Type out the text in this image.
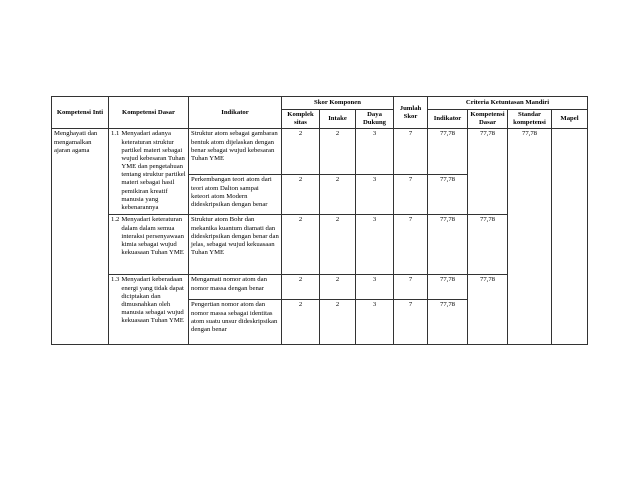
Kompetensi Inti	Kompetensi Dasar	Indikator	Skor Komponen			Jumlah Skor	Criteria Ketuntasan Mandiri			
			Komplek sitas	Intake	Daya Dukung		Indikator	Kompetensi Dasar	Standar kompetensi	Mapel
Menghayati dan mengamalkan ajaran agama	1.1 Menyadari adanya keteraturan struktur partikel materi sebagai wujud kebesaran Tuhan YME dan pengetahuan tentang struktur partikel materi sebagai hasil pemikiran kreatif manusia yang kebenarannya	Struktur atom sebagai gambaran bentuk atom dijelaskan dengan benar sebagai wujud kebesaran Tuhan YME	2	2	3	7	77,78	77,78	77,78	
		Perkembangan teori atom dari teori atom Dalton sampai keteori atom Modern dideskripsikan dengan benar	2	2	3	7	77,78			

	1.2 Menyadari keteraturan dalam dalam semua interaksi persenyawaan kimia sebagai wujud kekuasaan Tuhan YME	Struktur atom Bohr dan mekanika kuantum diamati dan dideskripsikan dengan benar dan jelas, sebagai wujud kekuasaan Tuhan YME	2	2	3	7	77,78	77,78		

	1.3 Menyadari keberadaan energi yang tidak dapat diciptakan dan dimusnahkan oleh manusia sebagai wujud kekuasaan Tuhan YME	Mengamati nomor atom dan nomor massa dengan benar	2	2	3	7	77,78	77,78		
		Pengertian nomor atom dan nomor massa sebagai identitas atom suatu unsur dideskripsikan dengan benar	2	2	3	7	77,78			
